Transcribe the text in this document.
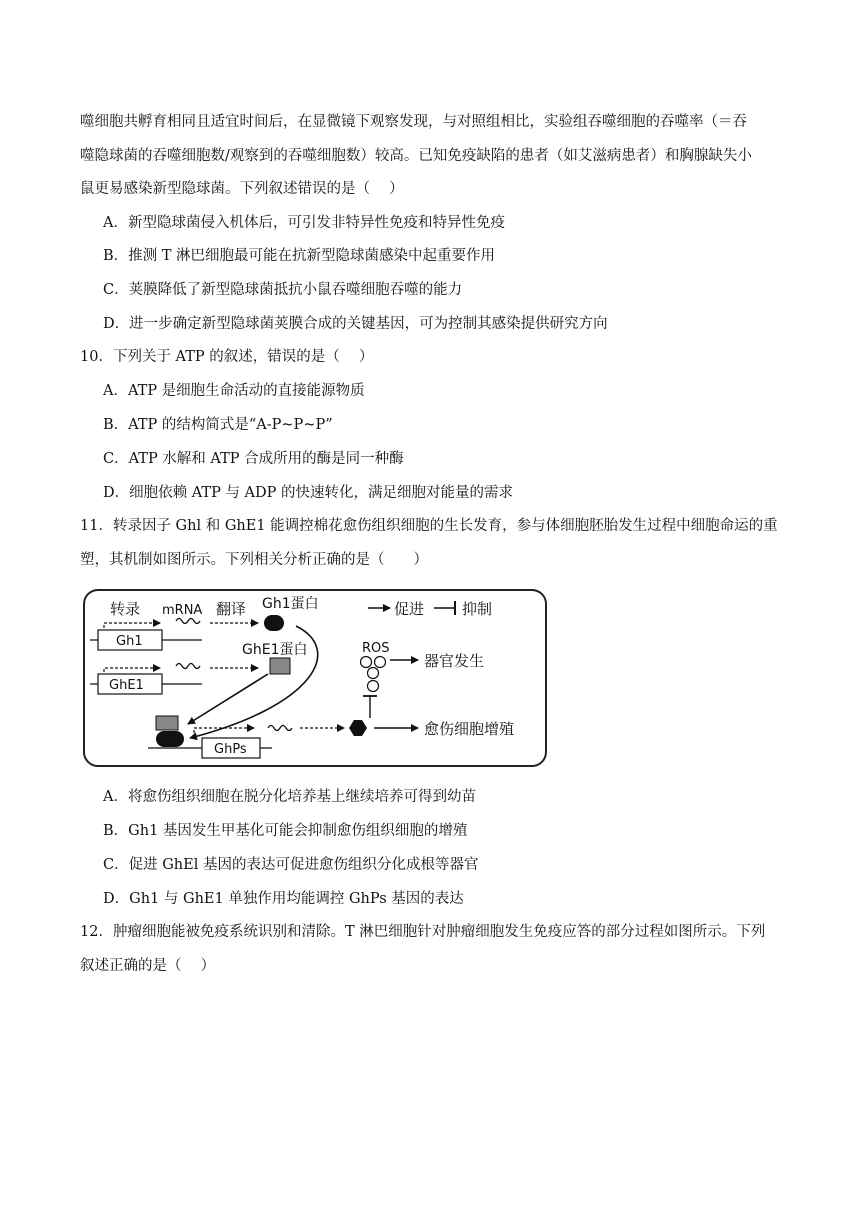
噬细胞共孵育相同且适宜时间后，在显微镜下观察发现，与对照组相比，实验组吞噬细胞的吞噬率（＝吞
噬隐球菌的吞噬细胞数/观察到的吞噬细胞数）较高。已知免疫缺陷的患者（如艾滋病患者）和胸腺缺失小
鼠更易感染新型隐球菌。下列叙述错误的是（　 ）
A．新型隐球菌侵入机体后，可引发非特异性免疫和特异性免疫
B．推测 T 淋巴细胞最可能在抗新型隐球菌感染中起重要作用
C．荚膜降低了新型隐球菌抵抗小鼠吞噬细胞吞噬的能力
D．进一步确定新型隐球菌荚膜合成的关键基因，可为控制其感染提供研究方向
10．下列关于 ATP 的叙述，错误的是（　 ）
A．ATP 是细胞生命活动的直接能源物质
B．ATP 的结构简式是“A-P~P~P”
C．ATP 水解和 ATP 合成所用的酶是同一种酶
D．细胞依赖 ATP 与 ADP 的快速转化，满足细胞对能量的需求
11．转录因子 Ghl 和 GhE1 能调控棉花愈伤组织细胞的生长发育，参与体细胞胚胎发生过程中细胞命运的重
塑，其机制如图所示。下列相关分析正确的是（　　）
转录 mRNA 翻译 Gh1蛋白
Gh1
促进	抑制
GhE1蛋白
GhE1
ROS
器官发生
GhPs
愈伤细胞增殖
A．将愈伤组织细胞在脱分化培养基上继续培养可得到幼苗
B．Gh1 基因发生甲基化可能会抑制愈伤组织细胞的增殖
C．促进 GhEl 基因的表达可促进愈伤组织分化成根等器官
D．Gh1 与 GhE1 单独作用均能调控 GhPs 基因的表达
12．肿瘤细胞能被免疫系统识别和清除。T 淋巴细胞针对肿瘤细胞发生免疫应答的部分过程如图所示。下列
叙述正确的是（　 ）
